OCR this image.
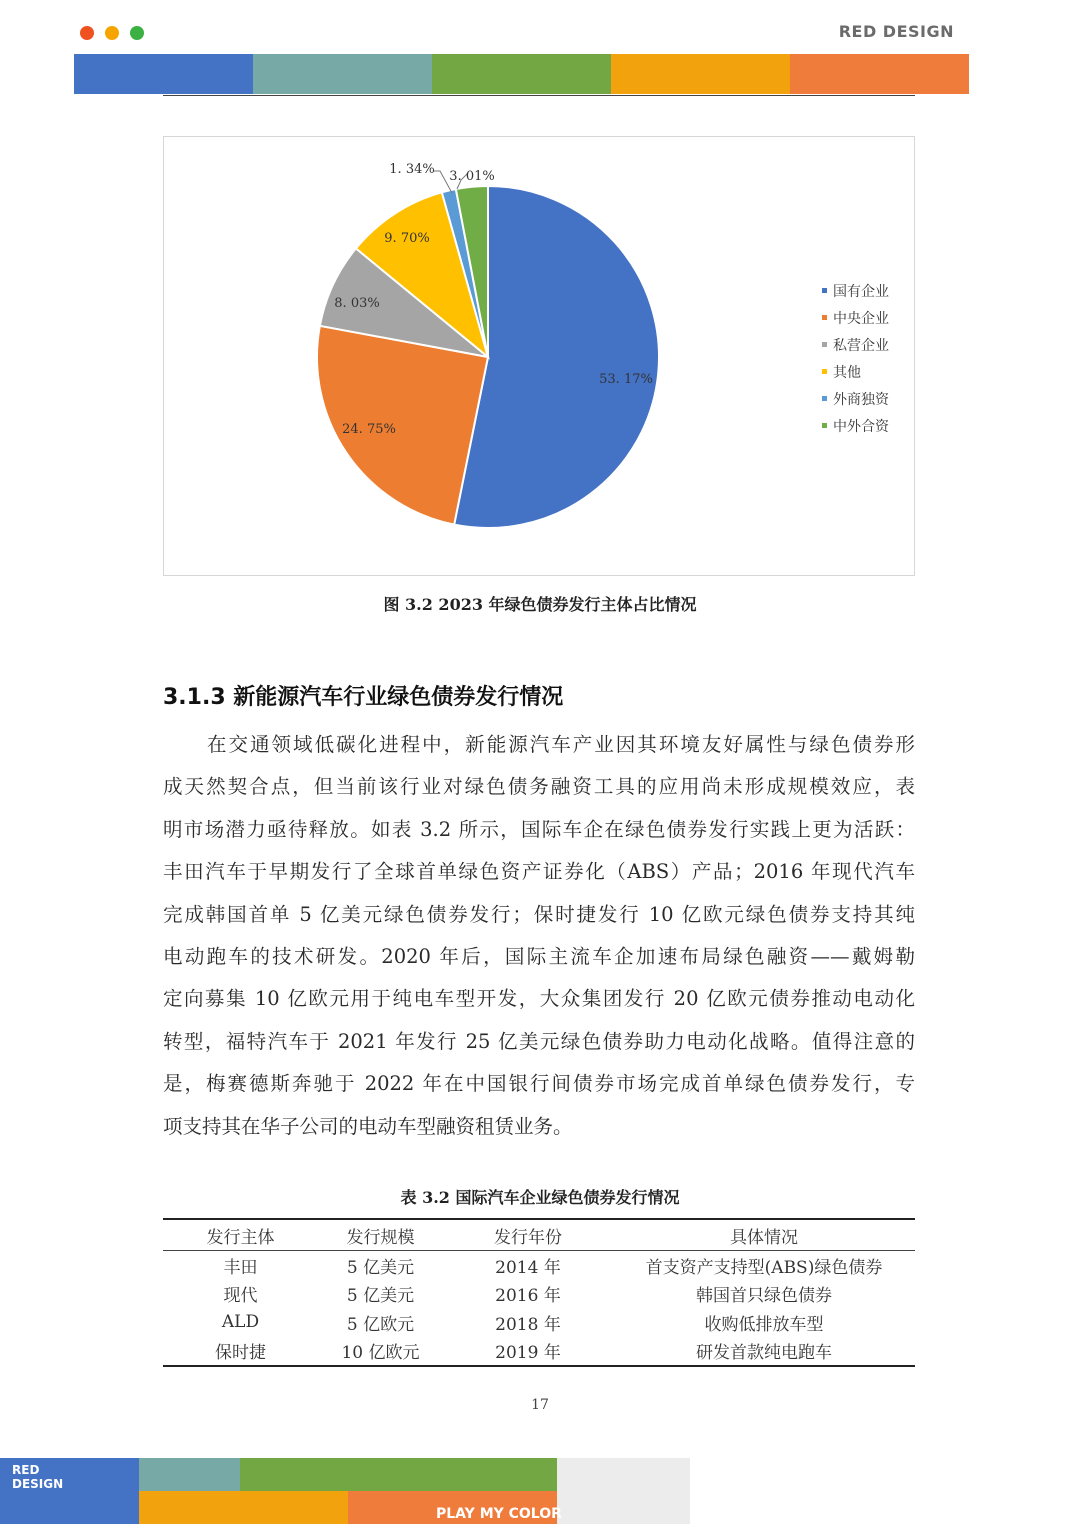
RED DESIGN
53. 17%
24. 75%
8. 03%
9. 70%
1. 34% 3. 01%
国有企业
中央企业
私营企业
其他
外商独资
中外合资
图 3.2 2023 年绿色债券发行主体占比情况
3.1.3 新能源汽车行业绿色债券发行情况
在交通领域低碳化进程中，新能源汽车产业因其环境友好属性与绿色债券形
成天然契合点，但当前该行业对绿色债务融资工具的应用尚未形成规模效应，表
明市场潜力亟待释放。如表 3.2 所示，国际车企在绿色债券发行实践上更为活跃：
丰田汽车于早期发行了全球首单绿色资产证券化（ABS）产品；2016 年现代汽车
完成韩国首单 5 亿美元绿色债券发行；保时捷发行 10 亿欧元绿色债券支持其纯
电动跑车的技术研发。2020 年后，国际主流车企加速布局绿色融资——戴姆勒
定向募集 10 亿欧元用于纯电车型开发，大众集团发行 20 亿欧元债券推动电动化
转型，福特汽车于 2021 年发行 25 亿美元绿色债券助力电动化战略。值得注意的
是，梅赛德斯奔驰于 2022 年在中国银行间债券市场完成首单绿色债券发行，专
项支持其在华子公司的电动车型融资租赁业务。
表 3.2 国际汽车企业绿色债券发行情况
发行主体	发行规模	发行年份	具体情况
丰田	5 亿美元	2014 年	首支资产支持型(ABS)绿色债券
现代	5 亿美元	2016 年	韩国首只绿色债券
ALD	5 亿欧元	2018 年	收购低排放车型
保时捷	10 亿欧元	2019 年	研发首款纯电跑车
17
RED
DESIGN
PLAY MY COLOR
